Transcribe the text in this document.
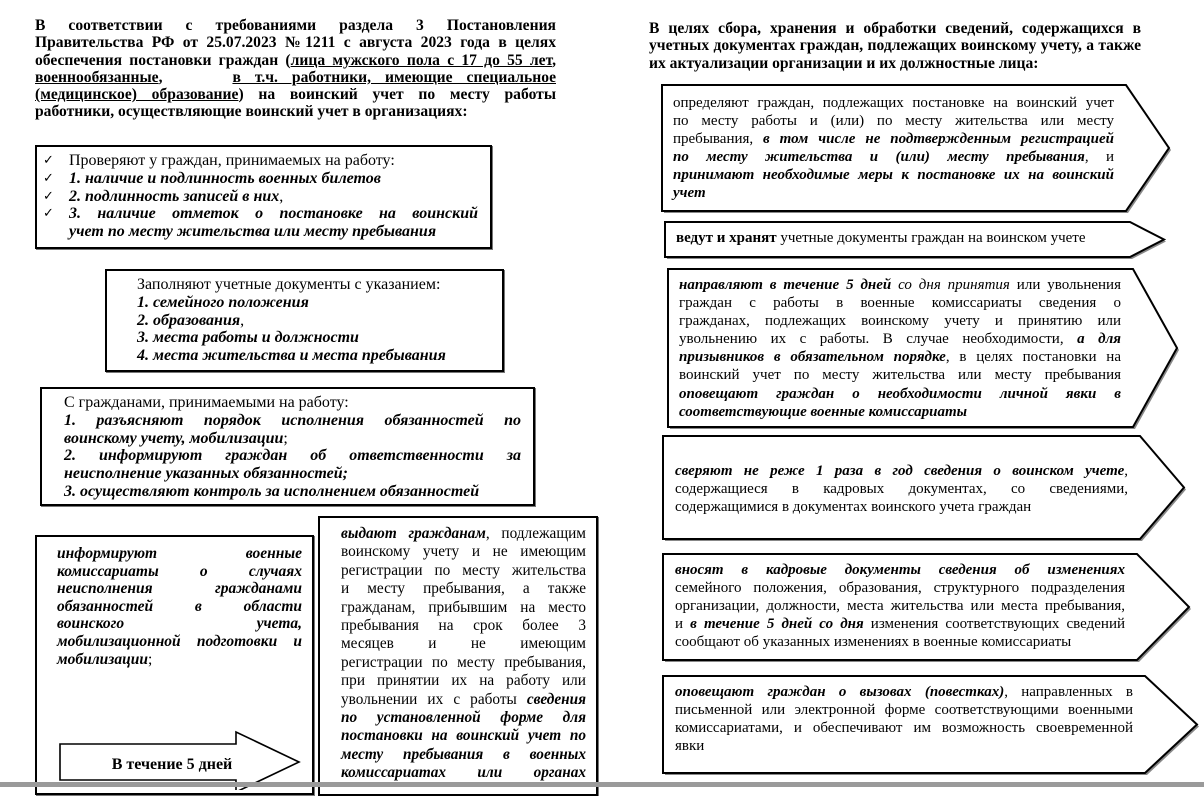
В соответствии с требованиями раздела 3 Постановления
Правительства РФ от 25.07.2023 №1211 с августа 2023 года в целях
обеспечения постановки граждан (лица мужского пола с 17 до 55 лет,
военнообязанные,	в т.ч. работники, имеющие специальное
(медицинское) образование) на воинский учет по месту работы
работники, осуществляющие воинский учет в организациях:
✓ Проверяют у граждан, принимаемых на работу:
✓ 1. наличие и подлинность военных билетов
✓ 2. подлинность записей в них,
✓ 3. наличие отметок о постановке на воинский
учет по месту жительства или месту пребывания
Заполняют учетные документы с указанием:
1. семейного положения
2. образования,
3. места работы и должности
4. места жительства и места пребывания
С гражданами, принимаемыми на работу:
1. разъясняют порядок исполнения обязанностей по
воинскому учету, мобилизации;
2. информируют граждан об ответственности за
неисполнение указанных обязанностей;
3. осуществляют контроль за исполнением обязанностей
информируют военные
комиссариаты о случаях
неисполнения гражданами
обязанностей в области
воинского учета,
мобилизационной подготовки и
мобилизации;
выдают гражданам, подлежащим
воинскому учету и не имеющим
регистрации по месту жительства
и месту пребывания, а также
гражданам, прибывшим на место
пребывания на срок более 3
месяцев и не имеющим
регистрации по месту пребывания,
при принятии их на работу или
увольнении их с работы сведения
по установленной форме для
постановки на воинский учет по
месту пребывания в военных
комиссариатах или органах
В течение 5 дней
В целях сбора, хранения и обработки сведений, содержащихся в
учетных документах граждан, подлежащих воинскому учету, а также
их актуализации организации и их должностные лица:
определяют граждан, подлежащих постановке на воинский учет
по месту работы и (или) по месту жительства или месту
пребывания, в том числе не подтвержденным регистрацией
по месту жительства и (или) месту пребывания, и
принимают необходимые меры к постановке их на воинский
учет
ведут и хранят учетные документы граждан на воинском учете
направляют в течение 5 дней со дня принятия или увольнения
граждан с работы в военные комиссариаты сведения о
гражданах, подлежащих воинскому учету и принятию или
увольнению их с работы. В случае необходимости, а для
призывников в обязательном порядке, в целях постановки на
воинский учет по месту жительства или месту пребывания
оповещают граждан о необходимости личной явки в
соответствующие военные комиссариаты
сверяют не реже 1 раза в год сведения о воинском учете,
содержащиеся в кадровых документах, со сведениями,
содержащимися в документах воинского учета граждан
вносят в кадровые документы сведения об изменениях
семейного положения, образования, структурного подразделения
организации, должности, места жительства или места пребывания,
и в течение 5 дней со дня изменения соответствующих сведений
сообщают об указанных изменениях в военные комиссариаты
оповещают граждан о вызовах (повестках), направленных в
письменной или электронной форме соответствующими военными
комиссариатами, и обеспечивают им возможность своевременной
явки
